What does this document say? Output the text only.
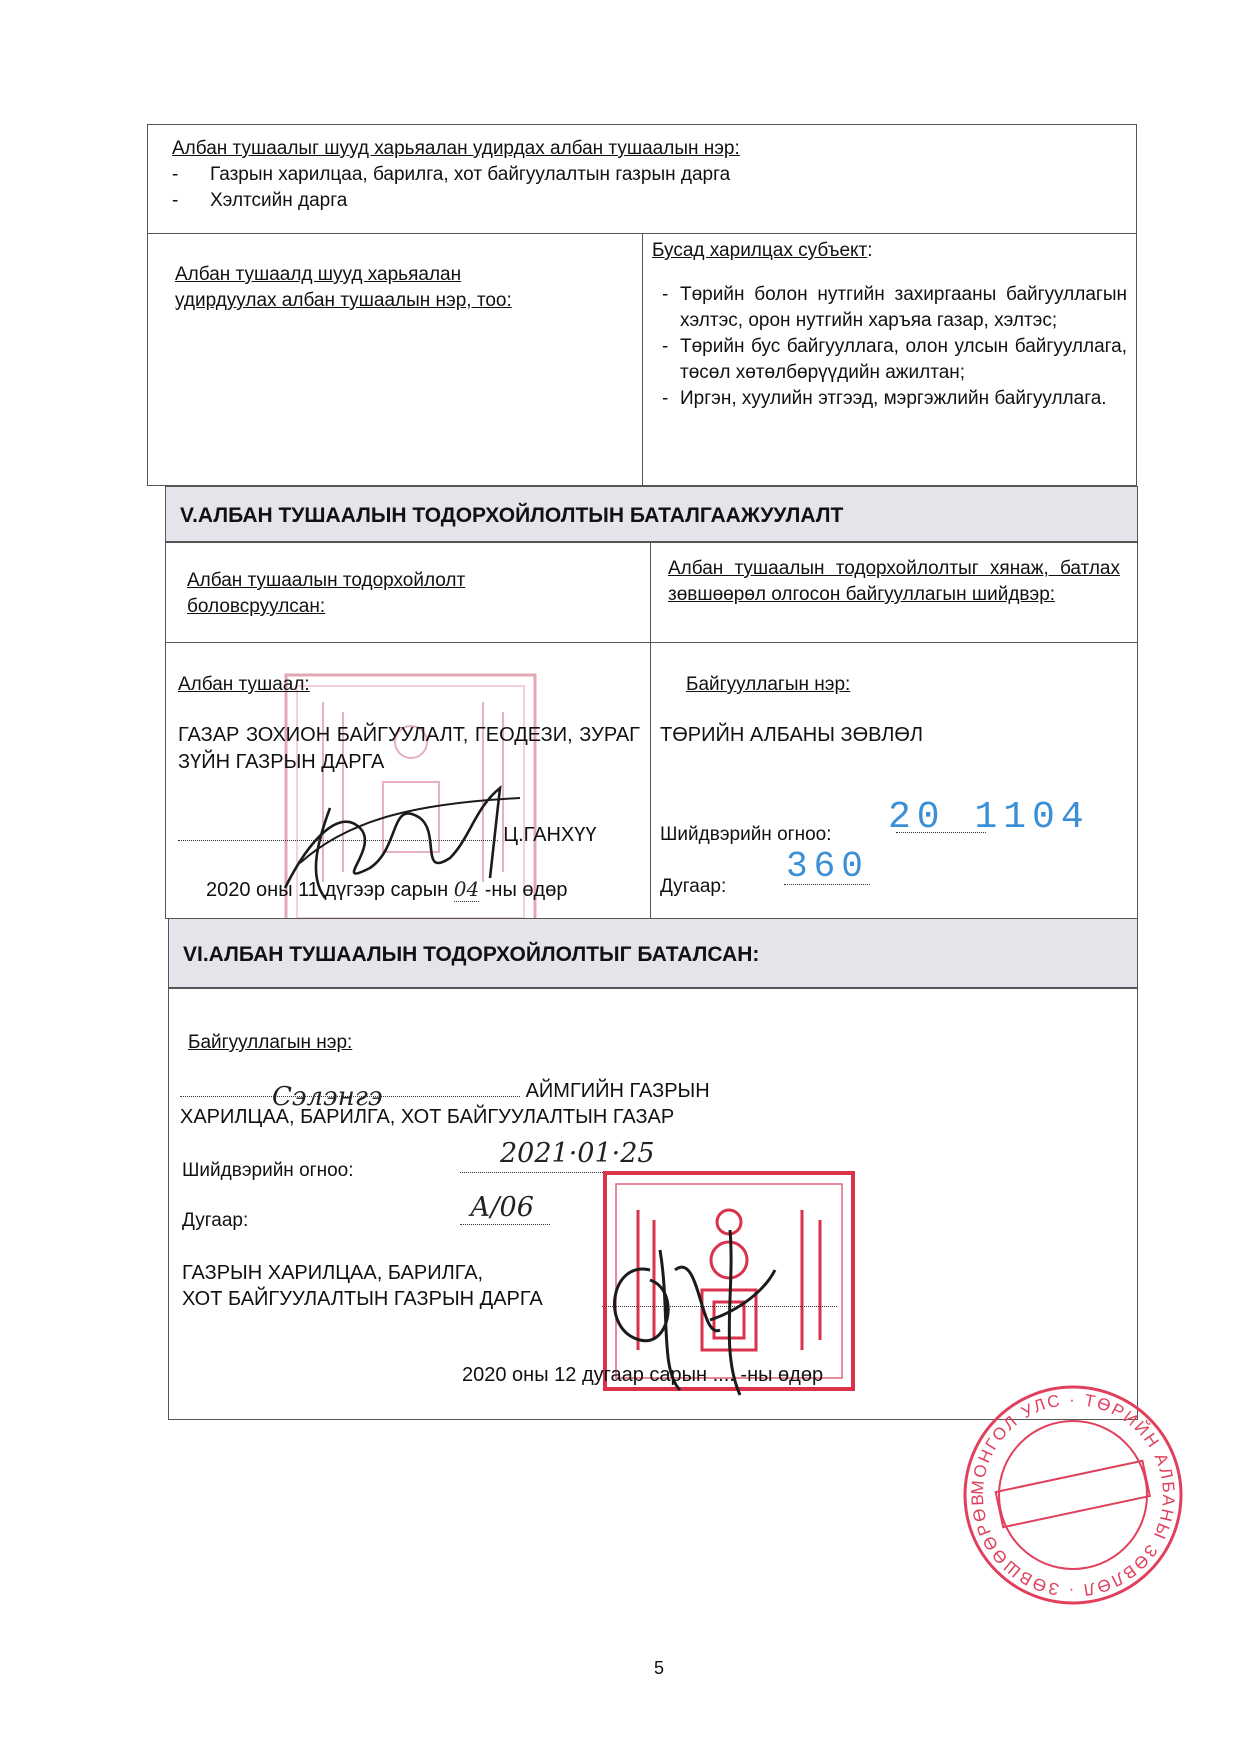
Албан тушаалыг шууд харьяалан удирдах албан тушаалын нэр:
-      Газрын харилцаа, барилга, хот байгуулалтын газрын дарга
-      Хэлтсийн дарга
Албан тушаалд шууд харьяалан
удирдуулах албан тушаалын нэр, тоо:
Бусад харилцах субъект:
- Төрийн болон нутгийн захиргааны байгууллагын хэлтэс, орон нутгийн харъяа газар, хэлтэс;
- Төрийн бус байгууллага, олон улсын байгууллага, төсөл хөтөлбөрүүдийн ажилтан;
- Иргэн, хуулийн этгээд, мэргэжлийн байгууллага.
V.АЛБАН ТУШААЛЫН ТОДОРХОЙЛОЛТЫН БАТАЛГААЖУУЛАЛТ
Албан тушаалын тодорхойлолт
боловсруулсан:
Албан тушаалын тодорхойлолтыг хянаж, батлах зөвшөөрөл олгосон байгууллагын шийдвэр:
Албан тушаал:
ГАЗАР ЗОХИОН БАЙГУУЛАЛТ, ГЕОДЕЗИ, ЗУРАГ ЗҮЙН ГАЗРЫН ДАРГА
Ц.ГАНХҮҮ
2020 оны 11 дүгээр сарын 04 -ны өдөр
Байгууллагын нэр:
ТӨРИЙН АЛБАНЫ ЗӨВЛӨЛ
Шийдвэрийн огноо: 20 1104
Дугаар: 360
VI.АЛБАН ТУШААЛЫН ТОДОРХОЙЛОЛТЫГ БАТАЛСАН:
Байгууллагын нэр:
Сэлэнгэ	АЙМГИЙН ГАЗРЫН
ХАРИЛЦАА, БАРИЛГА, ХОТ БАЙГУУЛАЛТЫН ГАЗАР
Шийдвэрийн огноо:
2021·01·25
Дугаар:	А/06
ГАЗРЫН ХАРИЛЦАА, БАРИЛГА,
ХОТ БАЙГУУЛАЛТЫН ГАЗРЫН ДАРГА
2020 оны 12 дугаар сарын .... -ны өдөр
МОНГОЛ УЛС · ТӨРИЙН АЛБАНЫ ЗӨВЛӨЛ · ЗӨВШӨӨРӨВ
5
